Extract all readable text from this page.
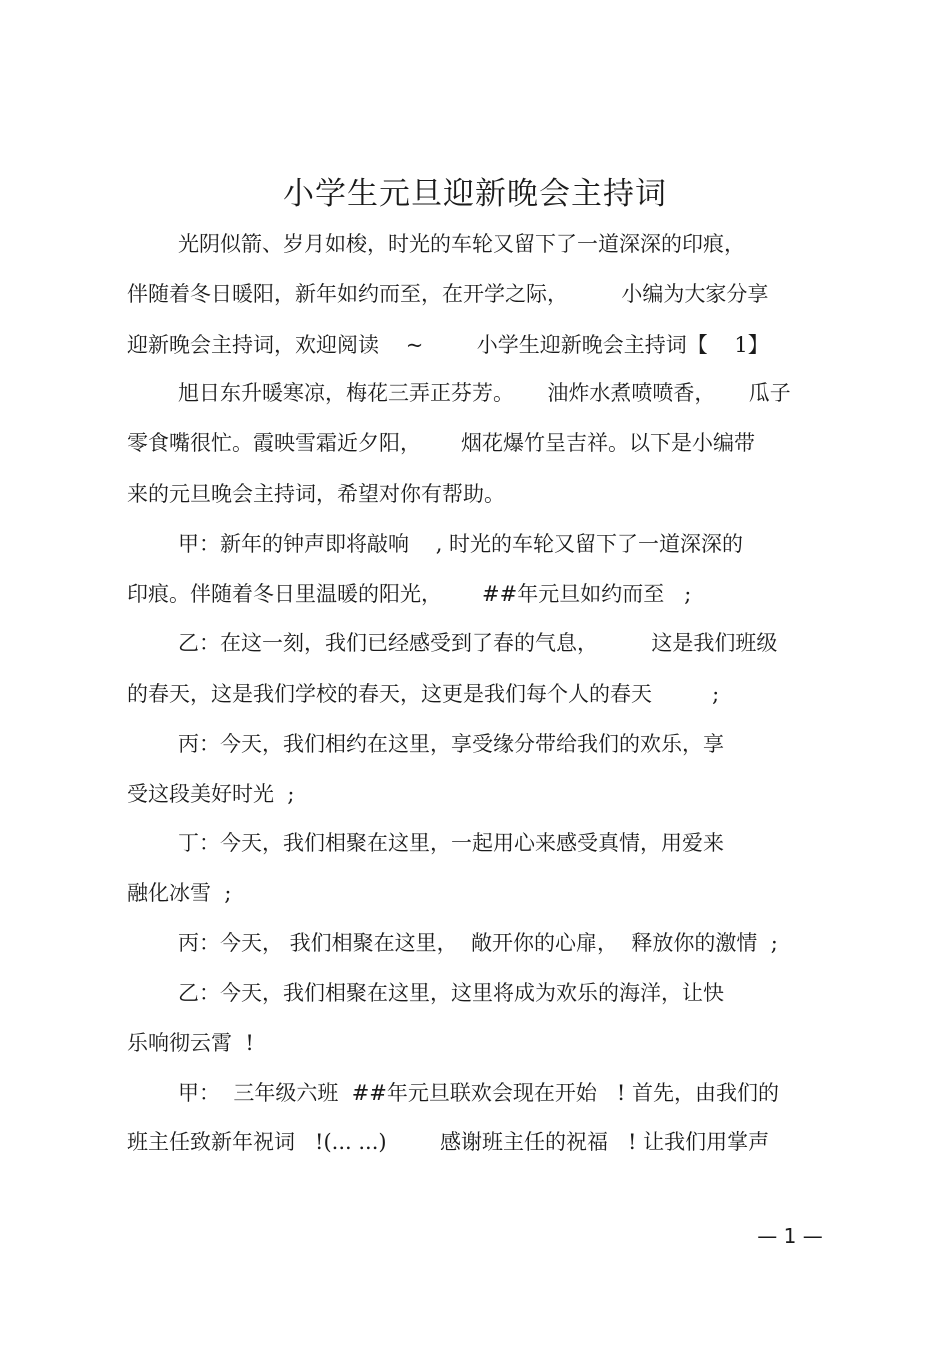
小学生元旦迎新晚会主持词

光阴似箭、岁月如梭，时光的车轮又留下了一道深深的印痕，

伴随着冬日暖阳，新年如约而至，在开学之际，        小编为大家分享

迎新晚会主持词，欢迎阅读    ~        小学生迎新晚会主持词【    1】

旭日东升暖寒凉，梅花三弄正芬芳。     油炸水煮喷喷香，     瓜子

零食嘴很忙。霞映雪霜近夕阳，      烟花爆竹呈吉祥。以下是小编带

来的元旦晚会主持词，希望对你有帮助。

甲：新年的钟声即将敲响    , 时光的车轮又留下了一道深深的

印痕。伴随着冬日里温暖的阳光，      ##年元旦如约而至   ;

乙：在这一刻，我们已经感受到了春的气息，        这是我们班级

的春天，这是我们学校的春天，这更是我们每个人的春天         ;

丙：今天，我们相约在这里，享受缘分带给我们的欢乐，享

受这段美好时光  ;

丁：今天，我们相聚在这里，一起用心来感受真情，用爱来

融化冰雪  ;

丙：今天， 我们相聚在这里，  敞开你的心扉，  释放你的激情  ;

乙：今天，我们相聚在这里，这里将成为欢乐的海洋，让快

乐响彻云霄  !

甲：  三年级六班  ##年元旦联欢会现在开始   ! 首先，由我们的

班主任致新年祝词   !(... ...)        感谢班主任的祝福   ! 让我们用掌声

— 1 —
